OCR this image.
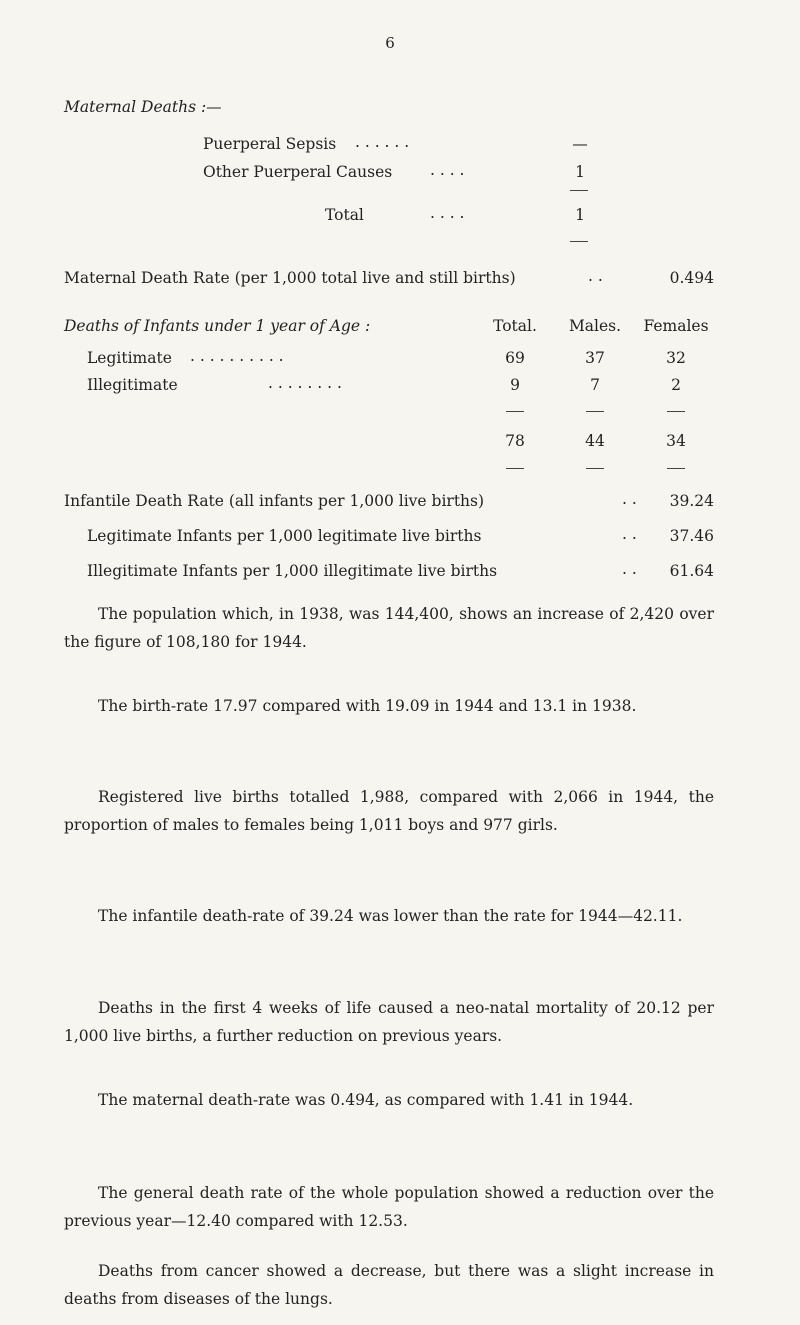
6
Maternal Deaths :—
Puerperal Sepsis . . . . . .	—
Other Puerperal Causes . . . .	1
Total	. . . .	1
Maternal Death Rate (per 1,000 total live and still births)	. .	0.494
Deaths of Infants under 1 year of Age :	Total.	Males.	Females
Legitimate . . . . . . . . . .	69	37	32
Illegitimate	. . . . . . . .	9	7	2
78	44	34
Infantile Death Rate (all infants per 1,000 live births)	. .	39.24
Legitimate Infants per 1,000 legitimate live births	. .	37.46
Illegitimate Infants per 1,000 illegitimate live births	. .	61.64

The population which, in 1938, was 144,400, shows an increase of 2,420 over the figure of 108,180 for 1944.

The birth-rate 17.97 compared with 19.09 in 1944 and 13.1 in 1938.

Registered live births totalled 1,988, compared with 2,066 in 1944, the proportion of males to females being 1,011 boys and 977 girls.

The infantile death-rate of 39.24 was lower than the rate for 1944—42.11.

Deaths in the first 4 weeks of life caused a neo-natal mortality of 20.12 per 1,000 live births, a further reduction on previous years.

The maternal death-rate was 0.494, as compared with 1.41 in 1944.

The general death rate of the whole population showed a reduction over the previous year—12.40 compared with 12.53.

Deaths from cancer showed a decrease, but there was a slight increase in deaths from diseases of the lungs.
